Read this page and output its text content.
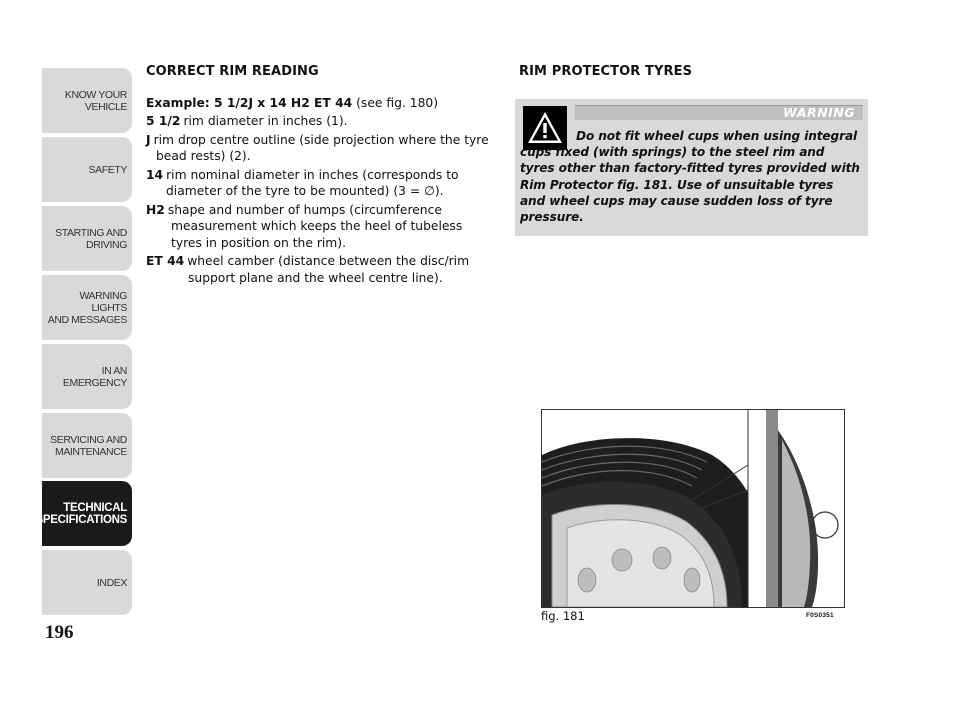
KNOW YOUR
VEHICLE
SAFETY
STARTING AND
DRIVING
WARNING LIGHTS
AND MESSAGES
IN AN EMERGENCY
SERVICING AND
MAINTENANCE
TECHNICAL
SPECIFICATIONS
INDEX
196
CORRECT RIM READING
Example: 5 1/2J x 14 H2 ET 44 (see fig. 180)
5 1/2 rim diameter in inches (1).
J rim drop centre outline (side projection where the tyre bead rests) (2).
14 rim nominal diameter in inches (corresponds to diameter of the tyre to be mounted) (3 = ∅).
H2 shape and number of humps (circumference measurement which keeps the heel of tubeless tyres in position on the rim).
ET 44 wheel camber (distance between the disc/rim support plane and the wheel centre line).
RIM PROTECTOR TYRES
WARNING
Do not fit wheel cups when using integral cups fixed (with springs) to the steel rim and tyres other than factory-fitted tyres provided with Rim Protector fig. 181. Use of unsuitable tyres and wheel cups may cause sudden loss of tyre pressure.
fig. 181	F0S0351
